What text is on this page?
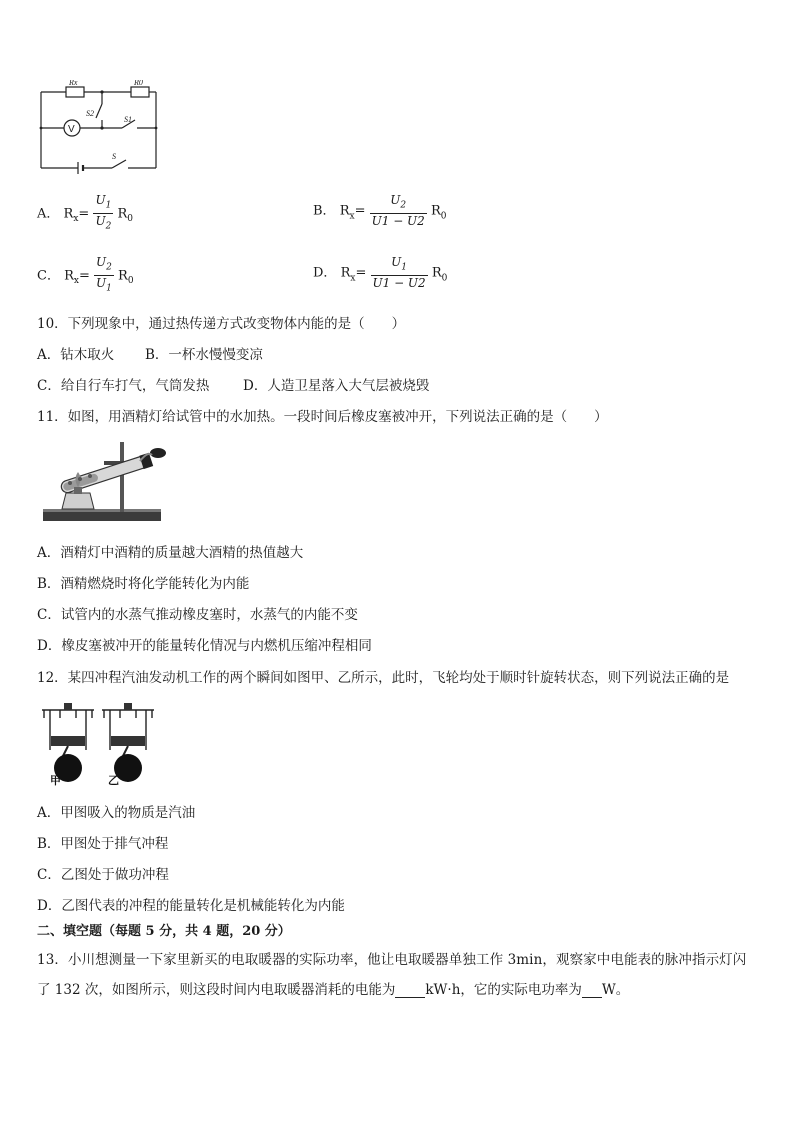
V
Rx	R0
S2
S1
S
A． $R_x= \frac{U_1}{U_2} R_0$
B． $R_x= \frac{U_2}{U1 - U2} R_0$
C． $R_x= \frac{U_2}{U_1} R_0$
D． $R_x= \frac{U_1}{U1 - U2} R_0$
10．下列现象中，通过热传递方式改变物体内能的是（　　）
A．钻木取火 B．一杯水慢慢变凉
C．给自行车打气，气筒发热 D．人造卫星落入大气层被烧毁
11．如图，用酒精灯给试管中的水加热。一段时间后橡皮塞被冲开，下列说法正确的是（　　）
A．酒精灯中酒精的质量越大酒精的热值越大
B．酒精燃烧时将化学能转化为内能
C．试管内的水蒸气推动橡皮塞时，水蒸气的内能不变
D．橡皮塞被冲开的能量转化情况与内燃机压缩冲程相同
12．某四冲程汽油发动机工作的两个瞬间如图甲、乙所示，此时，飞轮均处于顺时针旋转状态，则下列说法正确的是
甲	乙
A．甲图吸入的物质是汽油
B．甲图处于排气冲程
C．乙图处于做功冲程
D．乙图代表的冲程的能量转化是机械能转化为内能
二、填空题（每题 5 分，共 4 题，20 分）
13．小川想测量一下家里新买的电取暖器的实际功率，他让电取暖器单独工作 3min，观察家中电能表的脉冲指示灯闪
了 132 次，如图所示，则这段时间内电取暖器消耗的电能为 kW·h，它的实际电功率为 W。
